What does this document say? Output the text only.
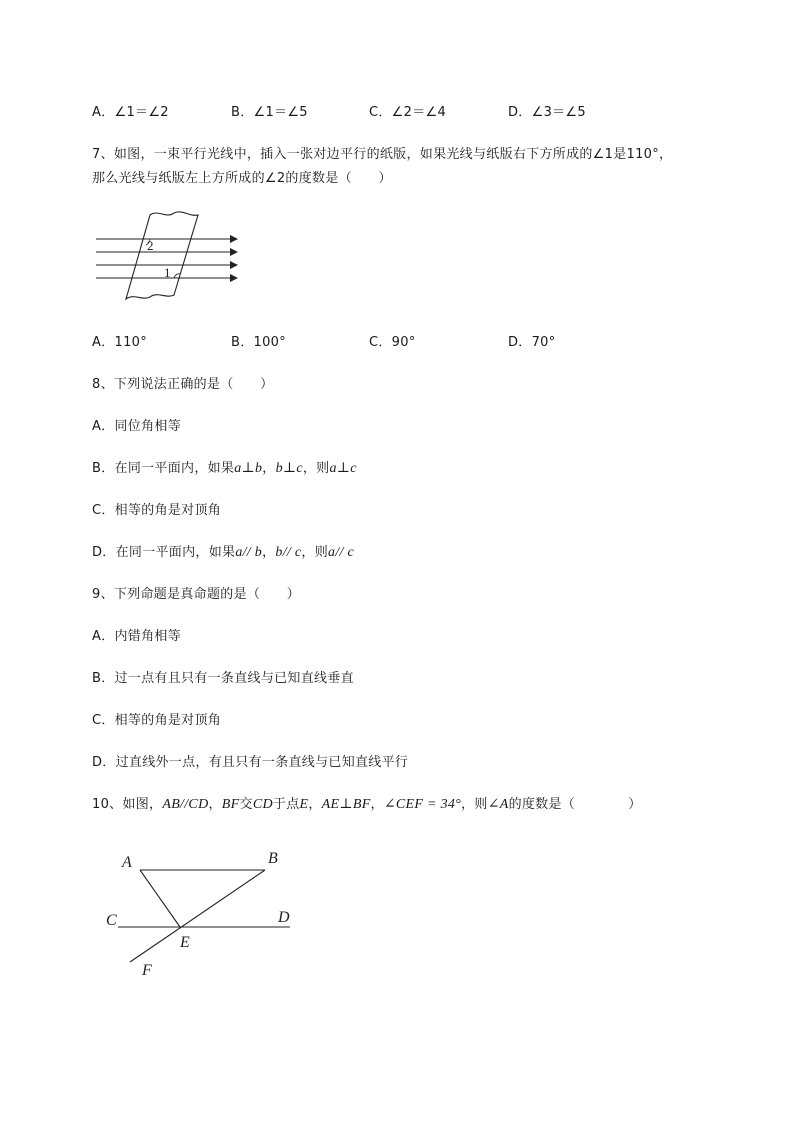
A．∠1＝∠2	B．∠1＝∠5	C．∠2＝∠4	D．∠3＝∠5
7、如图，一束平行光线中，插入一张对边平行的纸版，如果光线与纸版右下方所成的∠1是110°，
那么光线与纸版左上方所成的∠2的度数是（　　）
2
1
A．110°	B．100°	C．90°	D．70°
8、下列说法正确的是（　　）
A．同位角相等
B．在同一平面内，如果a⊥b，b⊥c，则a⊥c
C．相等的角是对顶角
D．在同一平面内，如果a// b，b// c，则a// c
9、下列命题是真命题的是（　　）
A．内错角相等
B．过一点有且只有一条直线与已知直线垂直
C．相等的角是对顶角
D．过直线外一点，有且只有一条直线与已知直线平行
10、如图，AB//CD，BF交CD于点E，AE⊥BF，∠CEF = 34°，则∠A的度数是（　　　　）
A	B
C	D
E
F
